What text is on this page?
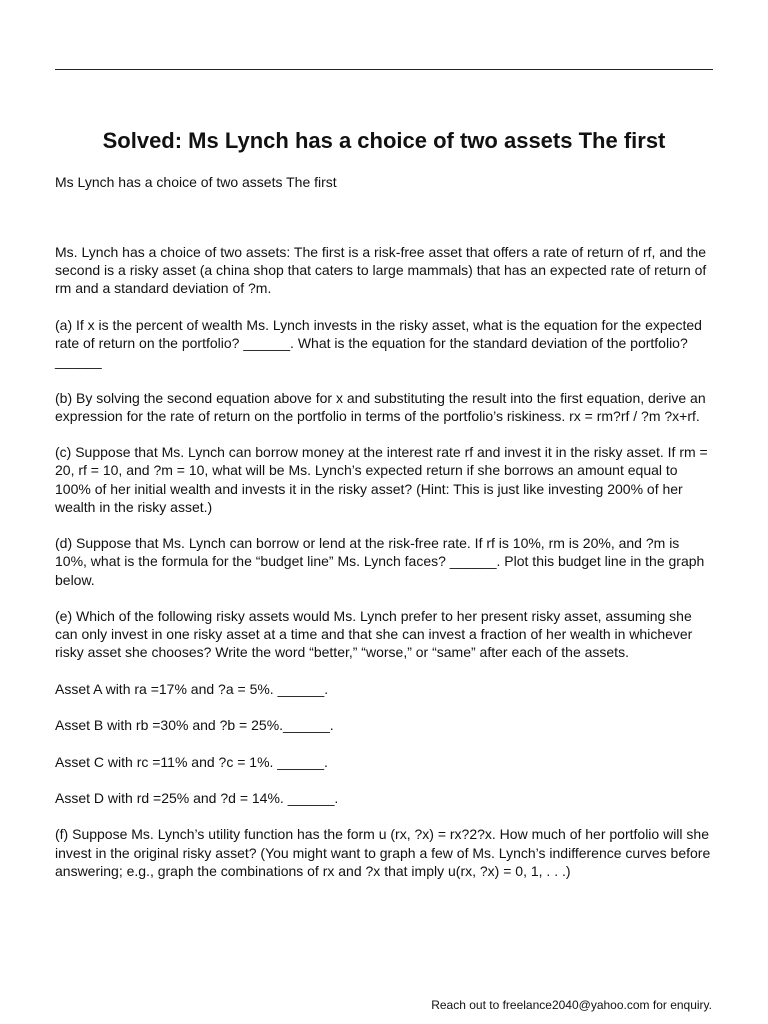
Solved: Ms Lynch has a choice of two assets The first

Ms Lynch has a choice of two assets The first

Ms. Lynch has a choice of two assets: The first is a risk-free asset that offers a rate of return of rf, and the second is a risky asset (a china shop that caters to large mammals) that has an expected rate of return of rm and a standard deviation of ?m.

(a) If x is the percent of wealth Ms. Lynch invests in the risky asset, what is the equation for the expected rate of return on the portfolio? ______. What is the equation for the standard deviation of the portfolio? ______

(b) By solving the second equation above for x and substituting the result into the first equation, derive an expression for the rate of return on the portfolio in terms of the portfolio’s riskiness. rx = rm?rf / ?m ?x+rf.

(c) Suppose that Ms. Lynch can borrow money at the interest rate rf and invest it in the risky asset. If rm = 20, rf = 10, and ?m = 10, what will be Ms. Lynch’s expected return if she borrows an amount equal to 100% of her initial wealth and invests it in the risky asset? (Hint: This is just like investing 200% of her wealth in the risky asset.)

(d) Suppose that Ms. Lynch can borrow or lend at the risk-free rate. If rf is 10%, rm is 20%, and ?m is 10%, what is the formula for the “budget line” Ms. Lynch faces? ______. Plot this budget line in the graph below.

(e) Which of the following risky assets would Ms. Lynch prefer to her present risky asset, assuming she can only invest in one risky asset at a time and that she can invest a fraction of her wealth in whichever risky asset she chooses? Write the word “better,” “worse,” or “same” after each of the assets.

Asset A with ra =17% and ?a = 5%. ______.

Asset B with rb =30% and ?b = 25%.______.

Asset C with rc =11% and ?c = 1%. ______.

Asset D with rd =25% and ?d = 14%. ______.

(f) Suppose Ms. Lynch’s utility function has the form u (rx, ?x) = rx?2?x. How much of her portfolio will she invest in the original risky asset? (You might want to graph a few of Ms. Lynch’s indifference curves before answering; e.g., graph the combinations of rx and ?x that imply u(rx, ?x) = 0, 1, . . .)

Reach out to freelance2040@yahoo.com for enquiry.
